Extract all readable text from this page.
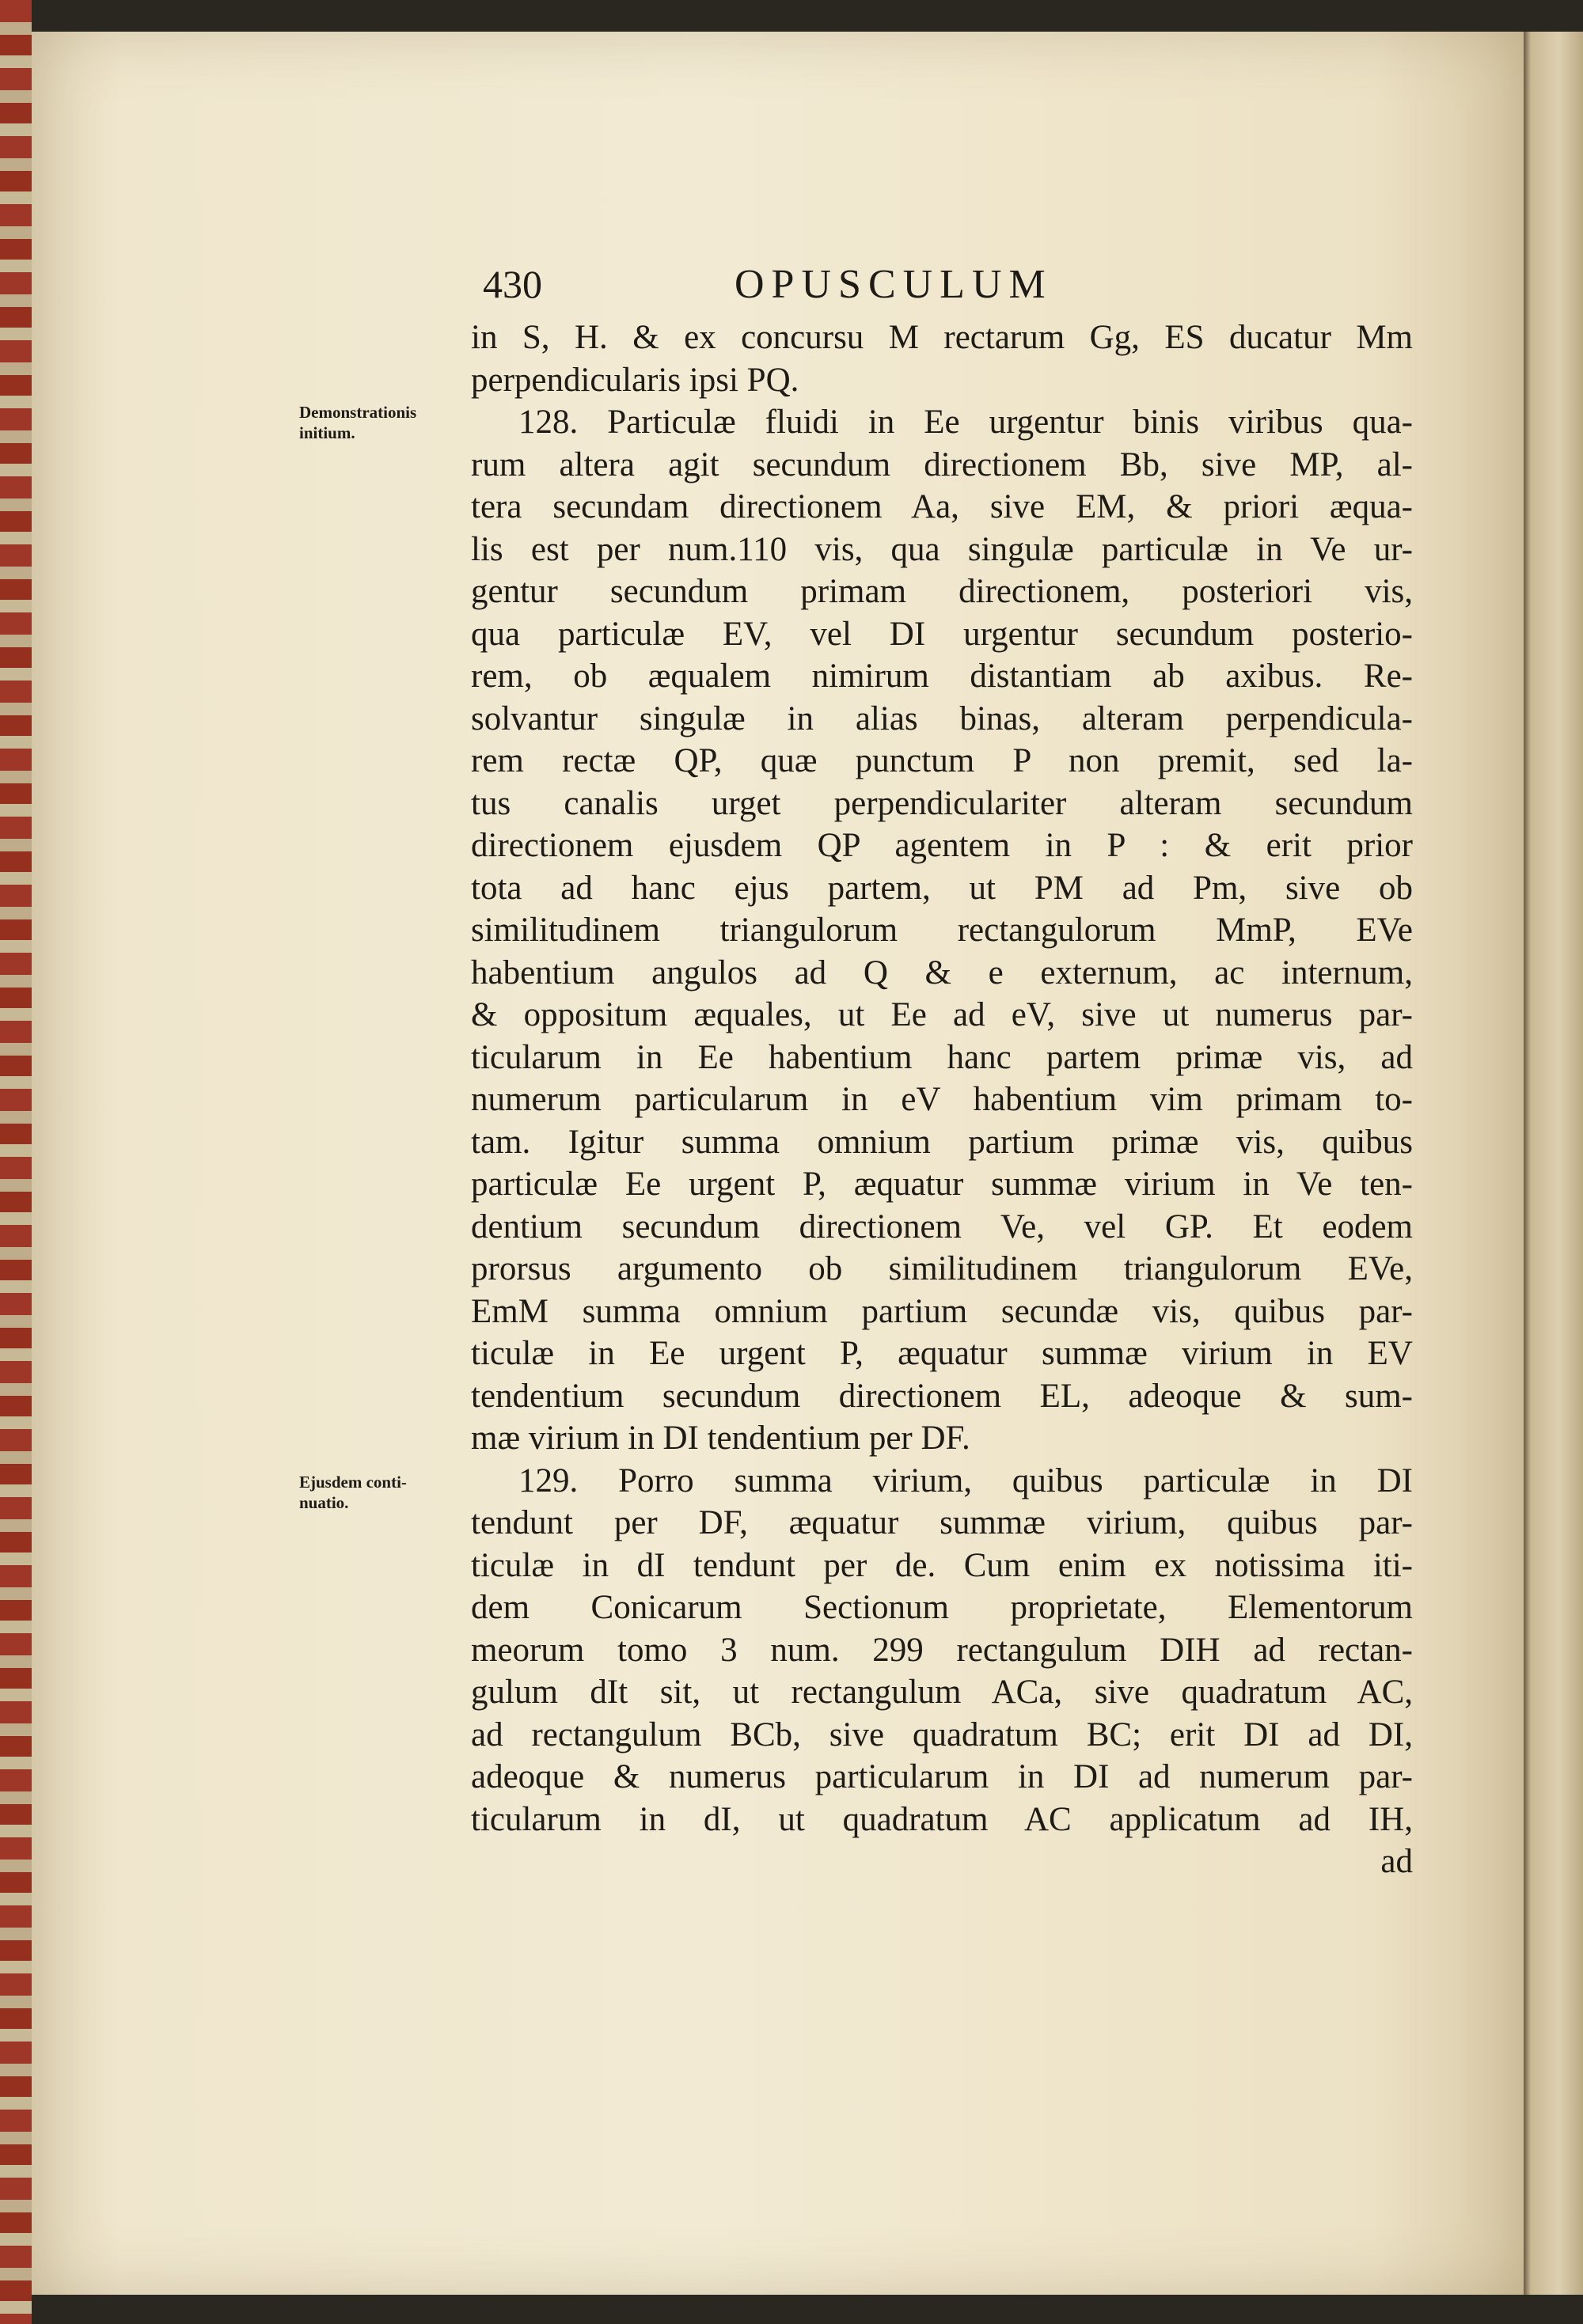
430	OPUSCULUM
Demonstrationis
initium.
Ejusdem conti-
nuatio.
in S, H. & ex concursu M rectarum Gg, ES ducatur Mm
perpendicularis ipsi PQ.
128. Particulæ fluidi in Ee urgentur binis viribus qua-
rum altera agit secundum directionem Bb, sive MP, al-
tera secundam directionem Aa, sive EM, & priori æqua-
lis est per num.110 vis, qua singulæ particulæ in Ve ur-
gentur secundum primam directionem, posteriori vis,
qua particulæ EV, vel DI urgentur secundum posterio-
rem, ob æqualem nimirum distantiam ab axibus. Re-
solvantur singulæ in alias binas, alteram perpendicula-
rem rectæ QP, quæ punctum P non premit, sed la-
tus canalis urget perpendiculariter alteram secundum
directionem ejusdem QP agentem in P : & erit prior
tota ad hanc ejus partem, ut PM ad Pm, sive ob
similitudinem triangulorum rectangulorum MmP, EVe
habentium angulos ad Q & e externum, ac internum,
& oppositum æquales, ut Ee ad eV, sive ut numerus par-
ticularum in Ee habentium hanc partem primæ vis, ad
numerum particularum in eV habentium vim primam to-
tam. Igitur summa omnium partium primæ vis, quibus
particulæ Ee urgent P, æquatur summæ virium in Ve ten-
dentium secundum directionem Ve, vel GP. Et eodem
prorsus argumento ob similitudinem triangulorum EVe,
EmM summa omnium partium secundæ vis, quibus par-
ticulæ in Ee urgent P, æquatur summæ virium in EV
tendentium secundum directionem EL, adeoque & sum-
mæ virium in DI tendentium per DF.
129. Porro summa virium, quibus particulæ in DI
tendunt per DF, æquatur summæ virium, quibus par-
ticulæ in dI tendunt per de. Cum enim ex notissima iti-
dem Conicarum Sectionum proprietate, Elementorum
meorum tomo 3 num. 299 rectangulum DIH ad rectan-
gulum dIt sit, ut rectangulum ACa, sive quadratum AC,
ad rectangulum BCb, sive quadratum BC; erit DI ad DI,
adeoque & numerus particularum in DI ad numerum par-
ticularum in dI, ut quadratum AC applicatum ad IH,
ad
